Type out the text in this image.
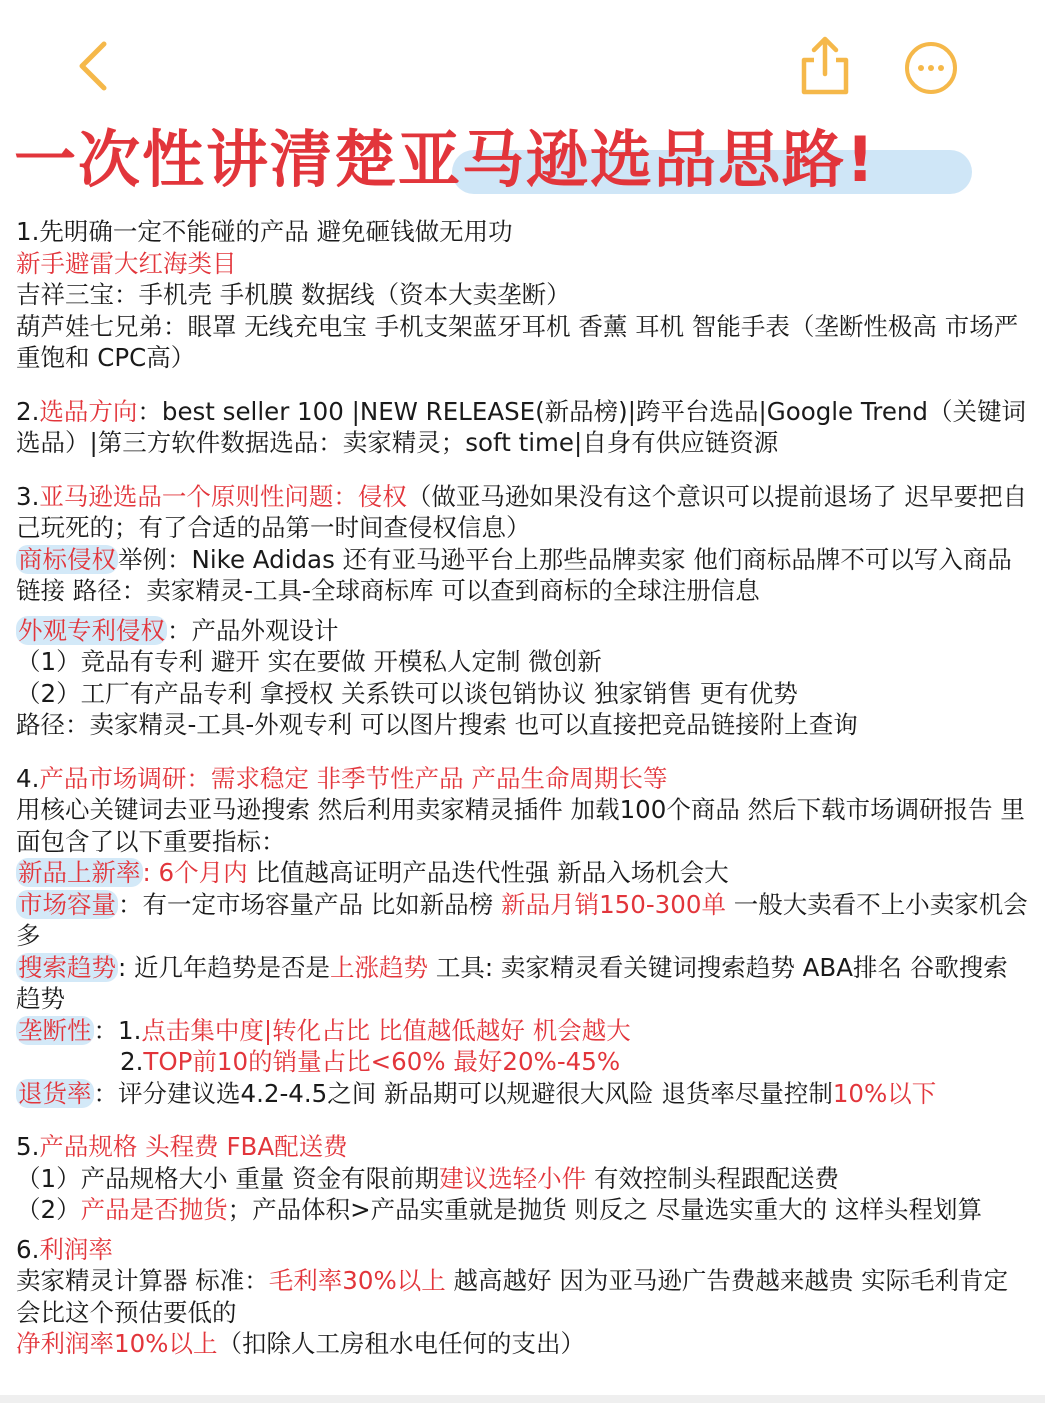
一次性讲清楚亚马逊选品思路!

1.先明确一定不能碰的产品 避免砸钱做无用功

新手避雷大红海类目

吉祥三宝：手机壳 手机膜 数据线（资本大卖垄断）

葫芦娃七兄弟：眼罩 无线充电宝 手机支架蓝牙耳机 香薰 耳机 智能手表（垄断性极高 市场严重饱和 CPC高）

2.选品方向：best seller 100 |NEW RELEASE(新品榜)|跨平台选品|Google Trend（关键词选品）|第三方软件数据选品：卖家精灵；soft time|自身有供应链资源

3.亚马逊选品一个原则性问题：侵权（做亚马逊如果没有这个意识可以提前退场了 迟早要把自己玩死的；有了合适的品第一时间查侵权信息）

商标侵权举例：Nike Adidas 还有亚马逊平台上那些品牌卖家 他们商标品牌不可以写入商品链接 路径：卖家精灵-工具-全球商标库 可以查到商标的全球注册信息

外观专利侵权：产品外观设计

（1）竞品有专利 避开 实在要做 开模私人定制 微创新

（2）工厂有产品专利 拿授权 关系铁可以谈包销协议 独家销售 更有优势

路径：卖家精灵-工具-外观专利 可以图片搜索 也可以直接把竞品链接附上查询

4.产品市场调研：需求稳定 非季节性产品 产品生命周期长等

用核心关键词去亚马逊搜索 然后利用卖家精灵插件 加载100个商品 然后下载市场调研报告 里面包含了以下重要指标：

新品上新率: 6个月内 比值越高证明产品迭代性强 新品入场机会大

市场容量：有一定市场容量产品 比如新品榜 新品月销150-300单 一般大卖看不上小卖家机会多

搜索趋势: 近几年趋势是否是上涨趋势 工具: 卖家精灵看关键词搜索趋势 ABA排名 谷歌搜索趋势

垄断性：1.点击集中度|转化占比 比值越低越好 机会越大

2.TOP前10的销量占比<60% 最好20%-45%

退货率：评分建议选4.2-4.5之间 新品期可以规避很大风险 退货率尽量控制10%以下

5.产品规格 头程费 FBA配送费

（1）产品规格大小 重量 资金有限前期建议选轻小件 有效控制头程跟配送费

（2）产品是否抛货；产品体积>产品实重就是抛货 则反之 尽量选实重大的 这样头程划算

6.利润率

卖家精灵计算器 标准：毛利率30%以上 越高越好 因为亚马逊广告费越来越贵 实际毛利肯定会比这个预估要低的

净利润率10%以上（扣除人工房租水电任何的支出）
